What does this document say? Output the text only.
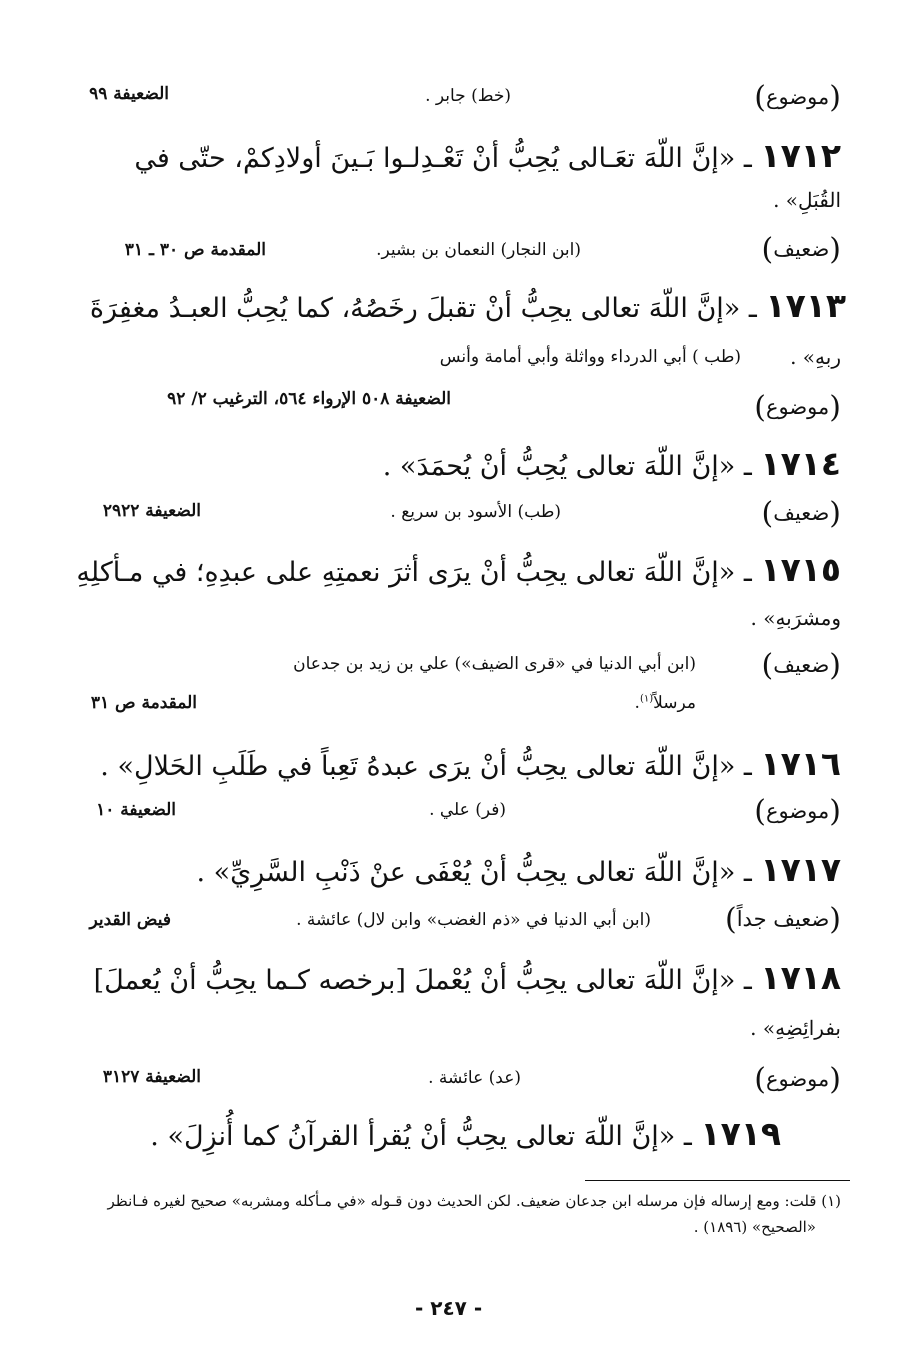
(موضوع)
(خط) جابر .
الضعيفة ٩٩
١٧١٢ ـ «إنَّ اللّهَ تعَـالى يُحِبُّ أنْ تَعْـدِلـوا بَـينَ أولادِكمْ، حتّى في
القُبَلِ» .
(ضعيف)
(ابن النجار) النعمان بن بشير.
المقدمة ص ٣٠ ـ ٣١
١٧١٣ ـ «إنَّ اللّهَ تعالى يحِبُّ أنْ تقبلَ رخَصُهُ، كما يُحِبُّ العبـدُ مغفِرَةَ
ربهِ» .
(طب ) أبي الدرداء وواثلة وأبي أمامة وأنس
(موضوع)
الضعيفة ٥٠٨ الإرواء ٥٦٤، الترغيب ٢/ ٩٢
١٧١٤ ـ «إنَّ اللّهَ تعالى يُحِبُّ أنْ يُحمَدَ» .
(ضعيف)
(طب) الأسود بن سريع .
الضعيفة ٢٩٢٢
١٧١٥ ـ «إنَّ اللّهَ تعالى يحِبُّ أنْ يرَى أثرَ نعمتِهِ على عبدِهِ؛ في مـأكلِهِ
ومشرَبهِ» .
(ضعيف)
(ابن أبي الدنيا في «قرى الضيف») علي بن زيد بن جدعان
مرسلاً$^{(١)}$.
المقدمة ص ٣١
١٧١٦ ـ «إنَّ اللّهَ تعالى يحِبُّ أنْ يرَى عبدهُ تَعِباً في طَلَبِ الحَلالِ» .
(موضوع)
(فر) علي .
الضعيفة ١٠
١٧١٧ ـ «إنَّ اللّهَ تعالى يحِبُّ أنْ يُعْفَى عنْ ذَنْبِ السَّرِيِّ» .
(ضعيف جداً)
(ابن أبي الدنيا في «ذم الغضب» وابن لال) عائشة .
فيض القدير
١٧١٨ ـ «إنَّ اللّهَ تعالى يحِبُّ أنْ يُعْملَ [برخصه كـما يحِبُّ أنْ يُعملَ]
بفرائِضِهِ» .
(موضوع)
(عد) عائشة .
الضعيفة ٣١٢٧
١٧١٩ ـ «إنَّ اللّهَ تعالى يحِبُّ أنْ يُقرأ القرآنُ كما أُنزِلَ» .
(١) قلت: ومع إرساله فإن مرسله ابن جدعان ضعيف. لكن الحديث دون قـوله «في مـأكله ومشربه» صحيح لغيره فـانظر
«الصحيح» (١٨٩٦) .
- ٢٤٧ -
